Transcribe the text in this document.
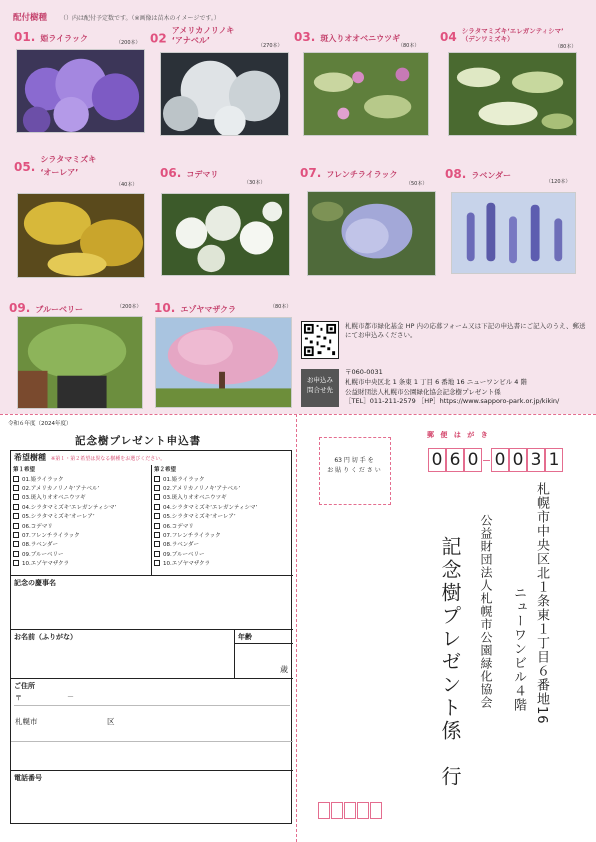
配付樹種 （）内は配付予定数です。（※画像は苗木のイメージです。）
01. 姫ライラック	（200本） 02 アメリカノリノキ
‘アナベル’
（270本）
03. 斑入りオオベニウツギ
（80本）
04 シラタマミズキ‘エレガンティシマ’
（デンワミズキ）
（80本）
$^{05.}$ シラタマミズキ
‘オーレア’
（40本）
06. コデマリ
（30本）
07. フレンチライラック
（50本）
08. ラベンダー
（120本）
09. ブルーベリー	（200本） 10. エゾヤマザクラ	（80本）
札幌市都市緑化基金 HP 内の応募フォーム又は下記の申込書にご記入のうえ、郵送にてお申込みください。
お申込み
問合せ先
〒060-0031
札幌市中央区北 1 条東 1 丁目 6 番地 16 ニューワンビル 4 階
公益財団法人札幌市公園緑化協会記念樹プレゼント係
［TEL］011-211-2579 ［HP］https://www.sapporo-park.or.jp/kikin/
令和６年度（2024年度）
記念樹プレゼント申込書
希望樹種 ※第１・第２希望は異なる樹種をお選びください。
第１希望
01.姫ライラック
02.アメリカノリノキ‘アナベル’
03.斑入りオオベニウツギ
04.シラタマミズキ‘エレガンティシマ’
05.シラタマミズキ‘オーレア’
06.コデマリ
07.フレンチライラック
08.ラベンダー
09.ブルーベリー
10.エゾヤマザクラ
第２希望
01.姫ライラック
02.アメリカノリノキ‘アナベル’
03.斑入りオオベニウツギ
04.シラタマミズキ‘エレガンティシマ’
05.シラタマミズキ‘オーレア’
06.コデマリ
07.フレンチライラック
08.ラベンダー
09.ブルーベリー
10.エゾヤマザクラ
記念の慶事名
お名前（ふりがな）	年齢
歳
ご住所
〒	－
札幌市	区
電話番号
郵 便 は が き
63 円 切 手 を
お 貼 り く だ さ い
0 6 0 0 0 3 1
札幌市中央区北１条東１丁目６番地16
ニューワンビル４階
公益財団法人札幌市公園緑化協会
記念樹プレゼント係　行
